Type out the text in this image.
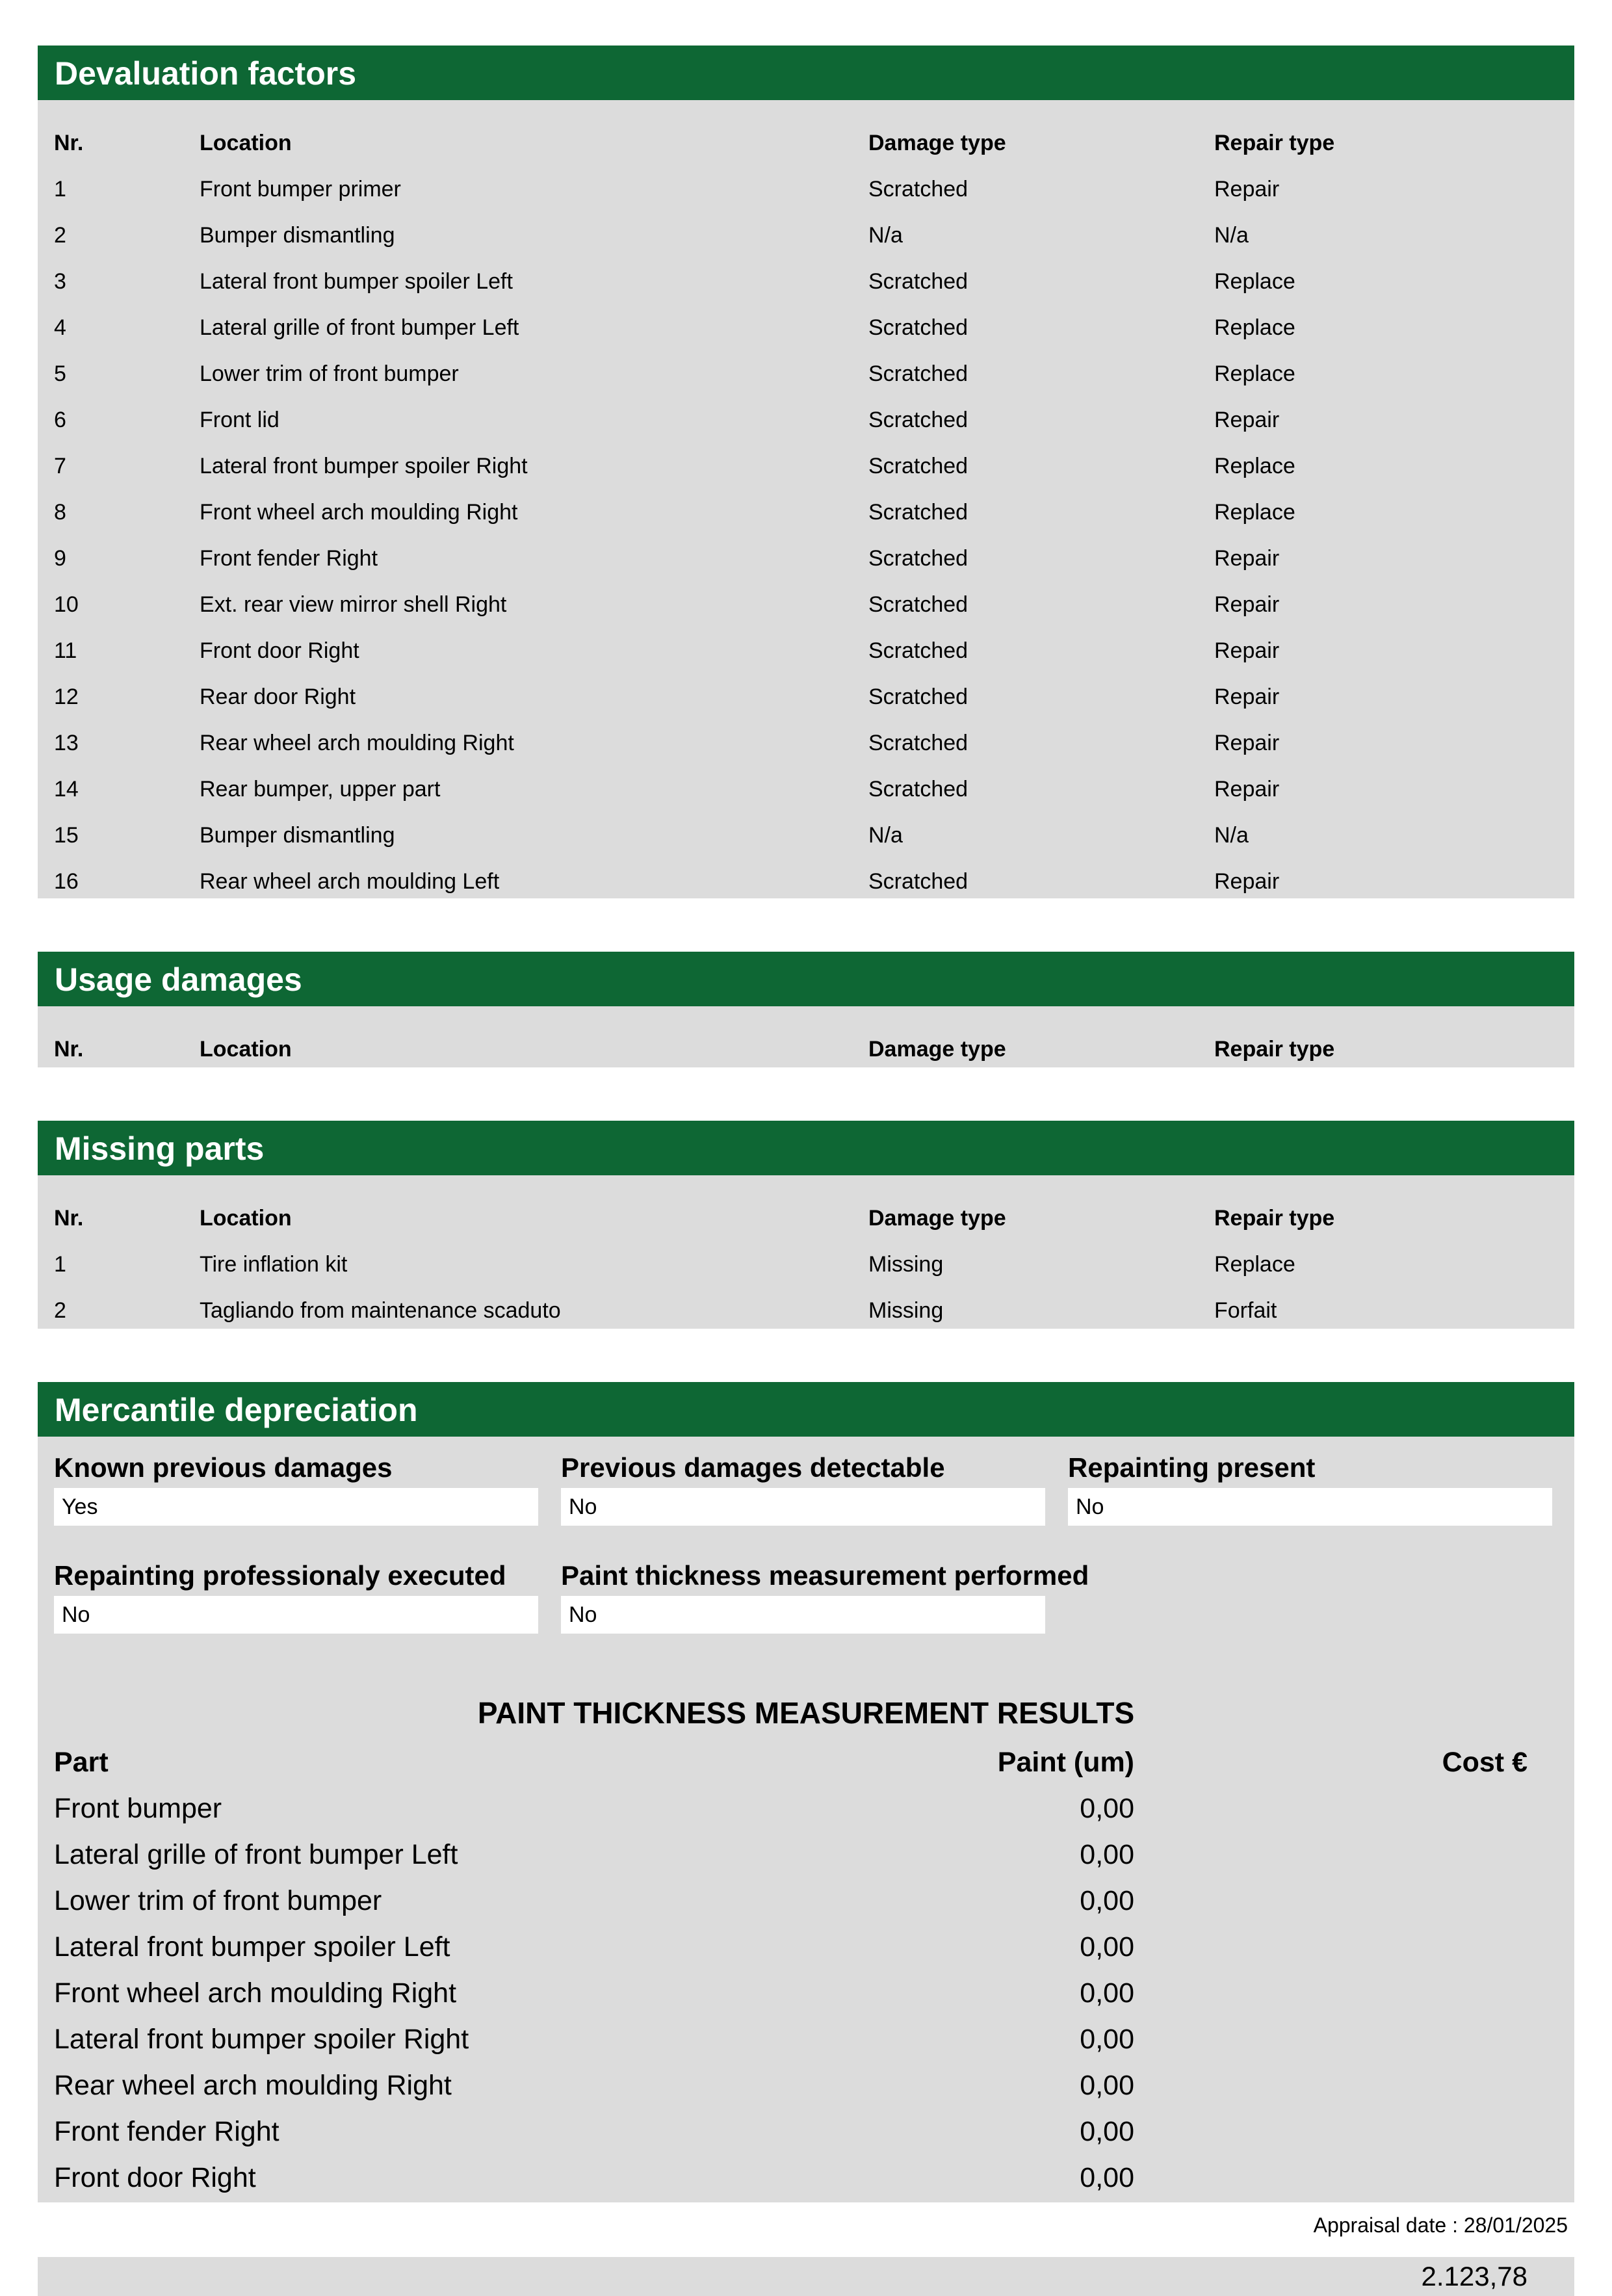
Devaluation factors
Nr.	Location	Damage type	Repair type
1	Front bumper primer	Scratched	Repair
2	Bumper dismantling	N/a	N/a
3	Lateral front bumper spoiler Left	Scratched	Replace
4	Lateral grille of front bumper Left	Scratched	Replace
5	Lower trim of front bumper	Scratched	Replace
6	Front lid	Scratched	Repair
7	Lateral front bumper spoiler Right	Scratched	Replace
8	Front wheel arch moulding Right	Scratched	Replace
9	Front fender Right	Scratched	Repair
10	Ext. rear view mirror shell Right	Scratched	Repair
11	Front door Right	Scratched	Repair
12	Rear door Right	Scratched	Repair
13	Rear wheel arch moulding Right	Scratched	Repair
14	Rear bumper, upper part	Scratched	Repair
15	Bumper dismantling	N/a	N/a
16	Rear wheel arch moulding Left	Scratched	Repair
Usage damages
Nr.	Location	Damage type	Repair type
Missing parts
Nr.	Location	Damage type	Repair type
1	Tire inflation kit	Missing	Replace
2	Tagliando from maintenance scaduto	Missing	Forfait
Mercantile depreciation
Known previous damages
Yes
Previous damages detectable
No
Repainting present
No
Repainting professionaly executed
No
Paint thickness measurement performed
No
PAINT THICKNESS MEASUREMENT RESULTS
Part	Paint (um)	Cost €
Front bumper	0,00
Lateral grille of front bumper Left	0,00
Lower trim of front bumper	0,00
Lateral front bumper spoiler Left	0,00
Front wheel arch moulding Right	0,00
Lateral front bumper spoiler Right	0,00
Rear wheel arch moulding Right	0,00
Front fender Right	0,00
Front door Right	0,00
Appraisal date : 28/01/2025
2.123,78
